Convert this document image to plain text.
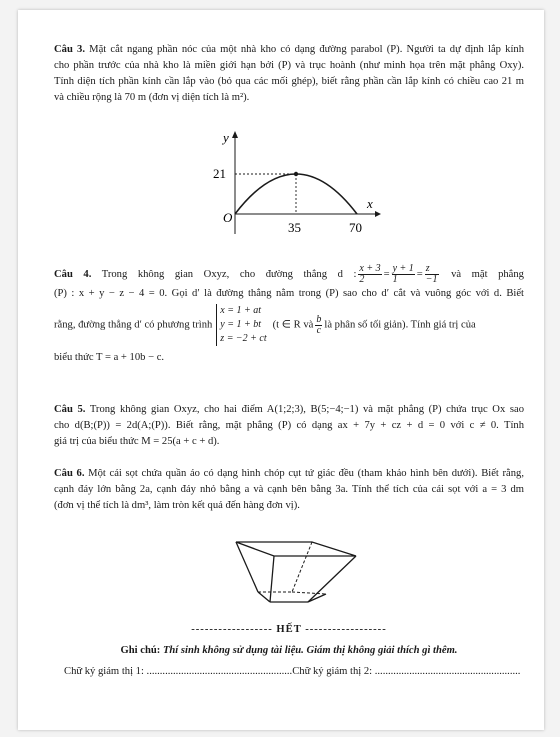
Câu 3. Mặt cắt ngang phần nóc của một nhà kho có dạng đường parabol (P). Người ta dự định lắp kính
cho phần trước của nhà kho là miền giới hạn bởi (P) và trục hoành (như minh họa trên mặt phẳng Oxy).
Tính diện tích phần kính cần lắp vào (bỏ qua các mối ghép), biết rằng phần cần lắp kính có chiều cao 21 m
và chiều rộng là 70 m (đơn vị diện tích là m²).
y
x
O
21
35	70
Câu 4. Trong không gian Oxyz, cho đường thẳng d : $\frac{x + 3}{2} = \frac{y + 1}{1} = \frac{z}{-1}$ và mặt phẳng
(P) : x + y − z − 4 = 0. Gọi d′ là đường thẳng nằm trong (P) sao cho d′ cắt và vuông góc với d. Biết
rằng, đường thẳng d′ có phương trình
x = 1 + at
y = 1 + bt
z = −2 + ct
(t ∈ R và $\frac{b}{c}$ là phân số tối giản). Tính giá trị của
biểu thức T = a + 10b − c.
Câu 5. Trong không gian Oxyz, cho hai điểm A(1;2;3), B(5;−4;−1) và mặt phẳng (P) chứa trục Ox sao
cho d(B;(P)) = 2d(A;(P)). Biết rằng, mặt phẳng (P) có dạng ax + 7y + cz + d = 0 với c ≠ 0. Tính
giá trị của biểu thức M = 25(a + c + d).
Câu 6. Một cái sọt chứa quần áo có dạng hình chóp cụt tứ giác đều (tham khảo hình bên dưới). Biết rằng,
cạnh đáy lớn bằng 2a, cạnh đáy nhỏ bằng a và cạnh bên bằng 3a. Tính thể tích của cái sọt với a = 3 dm
(đơn vị thể tích là dm³, làm tròn kết quả đến hàng đơn vị).
------------------ HẾT ------------------
Ghi chú: Thí sinh không sử dụng tài liệu. Giám thị không giải thích gì thêm.
Chữ ký giám thị 1: .......................................................Chữ ký giám thị 2: .......................................................
